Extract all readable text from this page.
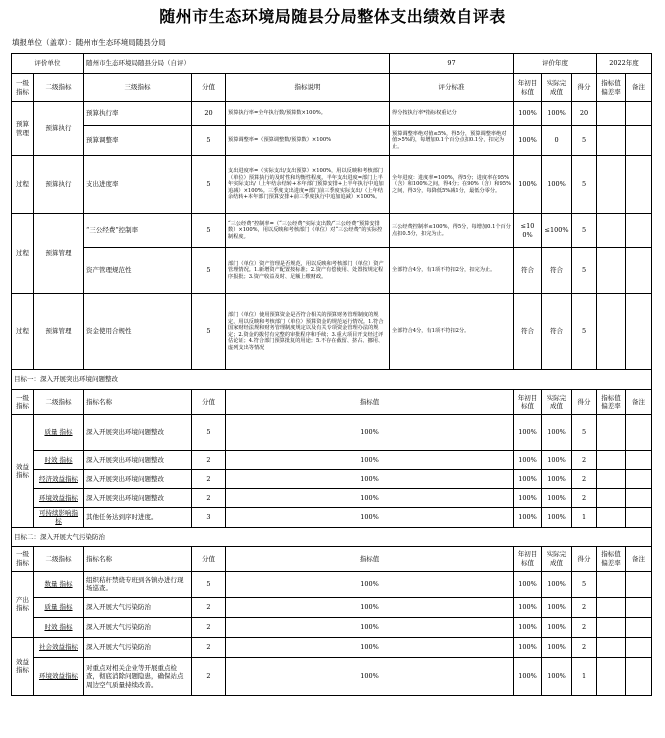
随州市生态环境局随县分局整体支出绩效自评表
填报单位（盖章）：随州市生态环境局随县分局
评价单位		随州市生态环境局随县分局（自评）			97	评价年度			2022年度	
一级指标	二级指标	三级指标	分值	指标说明	评分标准	年初目标值	实际完成值	得分	指标值偏差率	备注
预算管理	预算执行	预算执行率	20	预算执行率=全年执行数/预算数×100%。	得分按执行率*指标权重记分	100%	100%	20		
		预算调整率	5	预算调整率=（预算调整数/预算数）×100%	预算调整率绝对值≤5%，得5分，预算调整率绝对值>5%的，每增加0.1个百分点扣0.1分，扣完为止。	100%	0	5		
过程	预算执行	支出进度率	5	支出进度率=（实际支出/支出预算）×100%，用以反映和考核部门（单位）预算执行的及时性和均衡性程度。半年支出进度=部门上半年实际支出/（上年结余结转+本年部门预算安排+上半年执行中追加追减）×100%。三季度支出进度=部门前三季度实际支出/（上年结余结转+本年部门预算安排+前三季度执行中追加追减）×100%。	全年进度：进度率=100%，得5分；进度率在95%（含）和100%之间，得4分；在90%（含）和95%之间，得3分，每降低5%减1分，最低分零分。	100%	100%	5		
过程	预算管理	“三公经费”控制率	5	“三公经费”控制率=（“三公经费”实际支出数/“三公经费”预算安排数）×100%，用以反映和考核部门（单位）对“三公经费”的实际控制程度。	三公经费控制率≤100%，得5分，每增加0.1个百分点扣0.5分，扣完为止。	≤100%	≤100%	5		
		资产管理规范性	5	部门（单位）资产管理是否规范，用以反映和考核部门（单位）资产管理情况。1.新增资产配置按标准；2.资产有偿使用、处置按规定程序报批；3.资产收益及时、足额上缴财政。	全部符合4分，有1项不符扣2分，扣完为止。	符合	符合	5		
过程	预算管理	资金使用合规性	5	部门（单位）使用预算资金是否符合相关的预算财务管理制度的规定，用以反映和考核部门（单位）预算资金的规范运行情况。1.符合国家财经法规和财务管理制度规定以及有关专项资金管理办法的规定；2.资金的拨付有完整的审批程序和手续；3.重大项目开支经过评估论证；4.符合部门预算批复的用途；5.不存在截留、挤占、挪用、虚列支出等情况	全部符合4分，有1项不符扣2分。	符合	符合	5		
目标一：深入开展突出环境问题整改										
一级指标	二级指标	指标名称	分值	指标值		年初目标值	实际完成值	得分	指标值偏差率	备注
效益指标	质量 指标	深入开展突出环境问题整改	5	100%		100%	100%	5		
	时效 指标	深入开展突出环境问题整改	2	100%		100%	100%	2		
	经济效益指标	深入开展突出环境问题整改	2	100%		100%	100%	2		
	环境效益指标	深入开展突出环境问题整改	2	100%		100%	100%	2		
	可持续影响指标	其他任务达到序时进度。	3	100%		100%	100%	1		
目标二：深入开展大气污染防治										
一级指标	二级指标	指标名称	分值	指标值		年初目标值	实际完成值	得分	指标值偏差率	备注
产出指标	数量 指标	组织秸秆禁烧专班到各镇办进行现场巡查。	5	100%		100%	100%	5		
	质量 指标	深入开展大气污染防治	2	100%		100%	100%	2		
	时效 指标	深入开展大气污染防治	2	100%		100%	100%	2		
效益指标	社会效益指标	深入开展大气污染防治	2	100%		100%	100%	2		
	环境效益指标	对重点对相关企业等开展重点检查，彻底消除问题隐患，确保站点周边空气质量持续改善。	2	100%		100%	100%	1		
